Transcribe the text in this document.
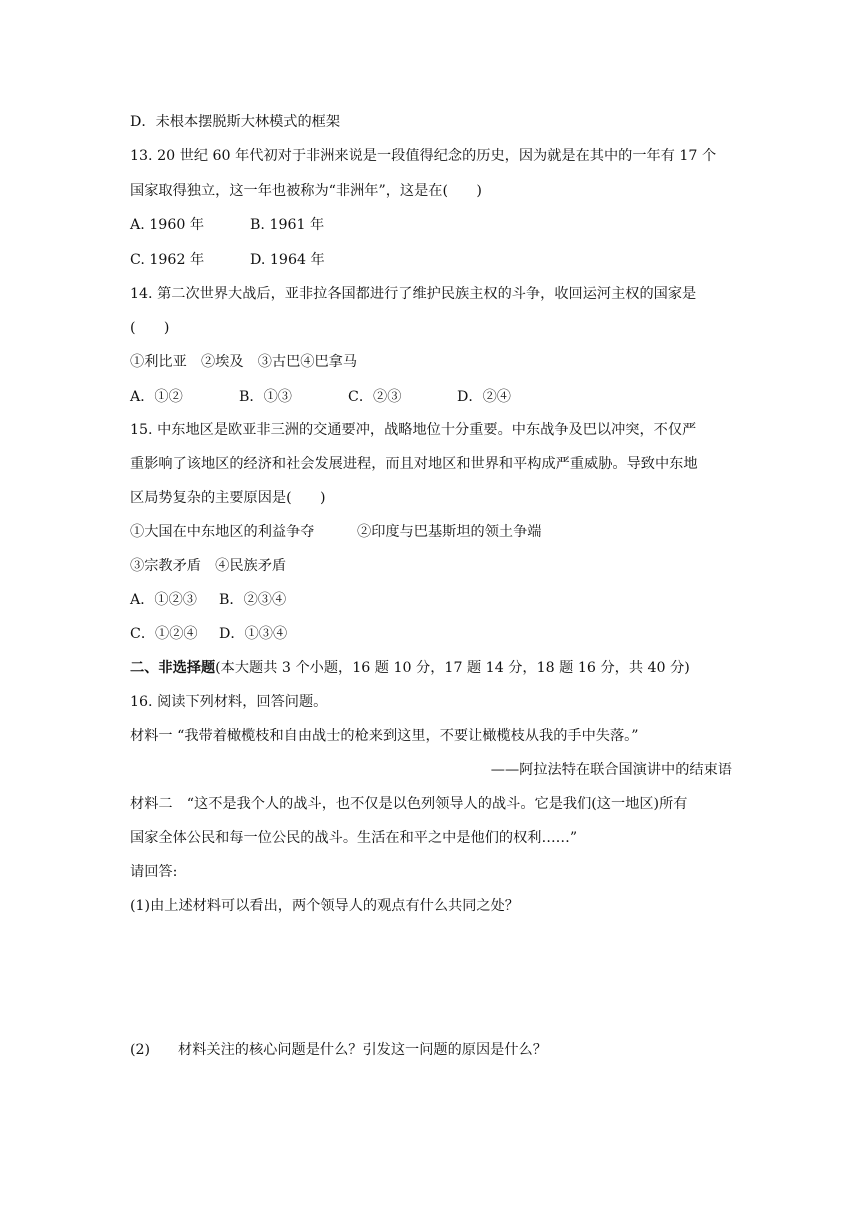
D．未根本摆脱斯大林模式的框架
13. 20 世纪 60 年代初对于非洲来说是一段值得纪念的历史，因为就是在其中的一年有 17 个
国家取得独立，这一年也被称为“非洲年”，这是在(　　)
A. 1960 年	B. 1961 年
C. 1962 年	D. 1964 年
14. 第二次世界大战后，亚非拉各国都进行了维护民族主权的斗争，收回运河主权的国家是
(　　)
①利比亚　②埃及　③古巴④巴拿马
A．①②	B．①③	C．②③	D．②④
15. 中东地区是欧亚非三洲的交通要冲，战略地位十分重要。中东战争及巴以冲突，不仅严
重影响了该地区的经济和社会发展进程，而且对地区和世界和平构成严重威胁。导致中东地
区局势复杂的主要原因是(　　)
①大国在中东地区的利益争夺	②印度与巴基斯坦的领土争端
③宗教矛盾　④民族矛盾
A．①②③ B．②③④
C．①②④ D．①③④
二、非选择题(本大题共 3 个小题，16 题 10 分，17 题 14 分，18 题 16 分，共 40 分)
16. 阅读下列材料，回答问题。
材料一 “我带着橄榄枝和自由战士的枪来到这里，不要让橄榄枝从我的手中失落。”
——阿拉法特在联合国演讲中的结束语
材料二　“这不是我个人的战斗，也不仅是以色列领导人的战斗。它是我们(这一地区)所有
国家全体公民和每一位公民的战斗。生活在和平之中是他们的权利……”
请回答:
(1)由上述材料可以看出，两个领导人的观点有什么共同之处？
(2) 材料关注的核心问题是什么？引发这一问题的原因是什么？
